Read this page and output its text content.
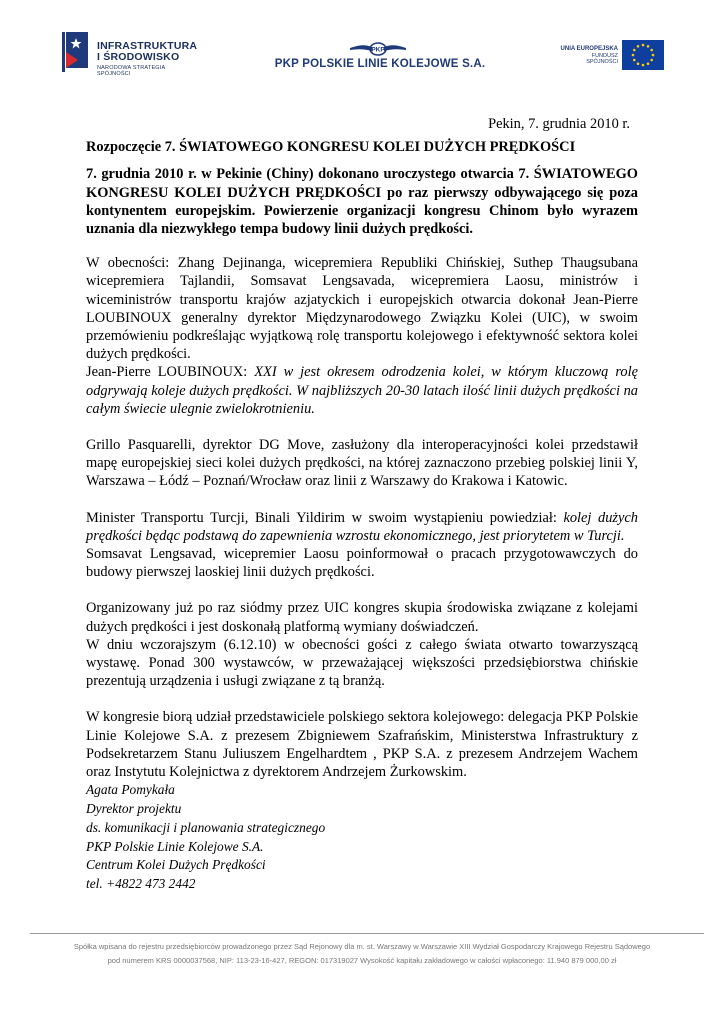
INFRASTRUKTURA
I ŚRODOWISKO
NARODOWA STRATEGIA SPÓJNOŚCI
PKP
PKP POLSKIE LINIE KOLEJOWE S.A.
UNIA EUROPEJSKA
FUNDUSZ SPÓJNOŚCI
Pekin, 7. grudnia 2010 r.
Rozpoczęcie 7. ŚWIATOWEGO KONGRESU KOLEI DUŻYCH PRĘDKOŚCI
7. grudnia 2010 r. w Pekinie (Chiny) dokonano uroczystego otwarcia 7. ŚWIATOWEGO KONGRESU KOLEI DUŻYCH PRĘDKOŚCI po raz pierwszy odbywającego się poza kontynentem europejskim. Powierzenie organizacji kongresu Chinom było wyrazem uznania dla niezwykłego tempa budowy linii dużych prędkości.

W obecności: Zhang Dejinanga, wicepremiera Republiki Chińskiej, Suthep Thaugsubana wicepremiera Tajlandii, Somsavat Lengsavada, wicepremiera Laosu, ministrów i wiceministrów transportu krajów azjatyckich i europejskich otwarcia dokonał Jean-Pierre LOUBINOUX generalny dyrektor Międzynarodowego Związku Kolei (UIC), w swoim przemówieniu podkreślając wyjątkową rolę transportu kolejowego i efektywność sektora kolei dużych prędkości.

Jean-Pierre LOUBINOUX: XXI w jest okresem odrodzenia kolei, w którym kluczową rolę odgrywają koleje dużych prędkości. W najbliższych 20-30 latach ilość linii dużych prędkości na całym świecie ulegnie zwielokrotnieniu.

Grillo Pasquarelli, dyrektor DG Move, zasłużony dla interoperacyjności kolei przedstawił mapę europejskiej sieci kolei dużych prędkości, na której zaznaczono przebieg polskiej linii Y, Warszawa – Łódź – Poznań/Wrocław oraz linii z Warszawy do Krakowa i Katowic.

Minister Transportu Turcji, Binali Yildirim w swoim wystąpieniu powiedział: kolej dużych prędkości będąc podstawą do zapewnienia wzrostu ekonomicznego, jest priorytetem w Turcji.

Somsavat Lengsavad, wicepremier Laosu poinformował o pracach przygotowawczych do budowy pierwszej laoskiej linii dużych prędkości.

Organizowany już po raz siódmy przez UIC kongres skupia środowiska związane z kolejami dużych prędkości i jest doskonałą platformą wymiany doświadczeń.

W dniu wczorajszym (6.12.10) w obecności gości z całego świata otwarto towarzyszącą wystawę. Ponad 300 wystawców, w przeważającej większości przedsiębiorstwa chińskie prezentują urządzenia i usługi związane z tą branżą.

W kongresie biorą udział przedstawiciele polskiego sektora kolejowego: delegacja PKP Polskie Linie Kolejowe S.A. z prezesem Zbigniewem Szafrańskim, Ministerstwa Infrastruktury z Podsekretarzem Stanu Juliuszem Engelhardtem , PKP S.A. z prezesem Andrzejem Wachem oraz Instytutu Kolejnictwa z dyrektorem Andrzejem Żurkowskim.

Agata Pomykała
Dyrektor projektu
ds. komunikacji i planowania strategicznego
PKP Polskie Linie Kolejowe S.A.
Centrum Kolei Dużych Prędkości
tel. +4822 473 2442
Spółka wpisana do rejestru przedsiębiorców prowadzonego przez Sąd Rejonowy dla m. st. Warszawy w Warszawie XIII Wydział Gospodarczy Krajowego Rejestru Sądowego
pod numerem KRS 0000037568, NIP: 113-23-16-427, REGON: 017319027 Wysokość kapitału zakładowego w całości wpłaconego: 11.940 879 000,00 zł
